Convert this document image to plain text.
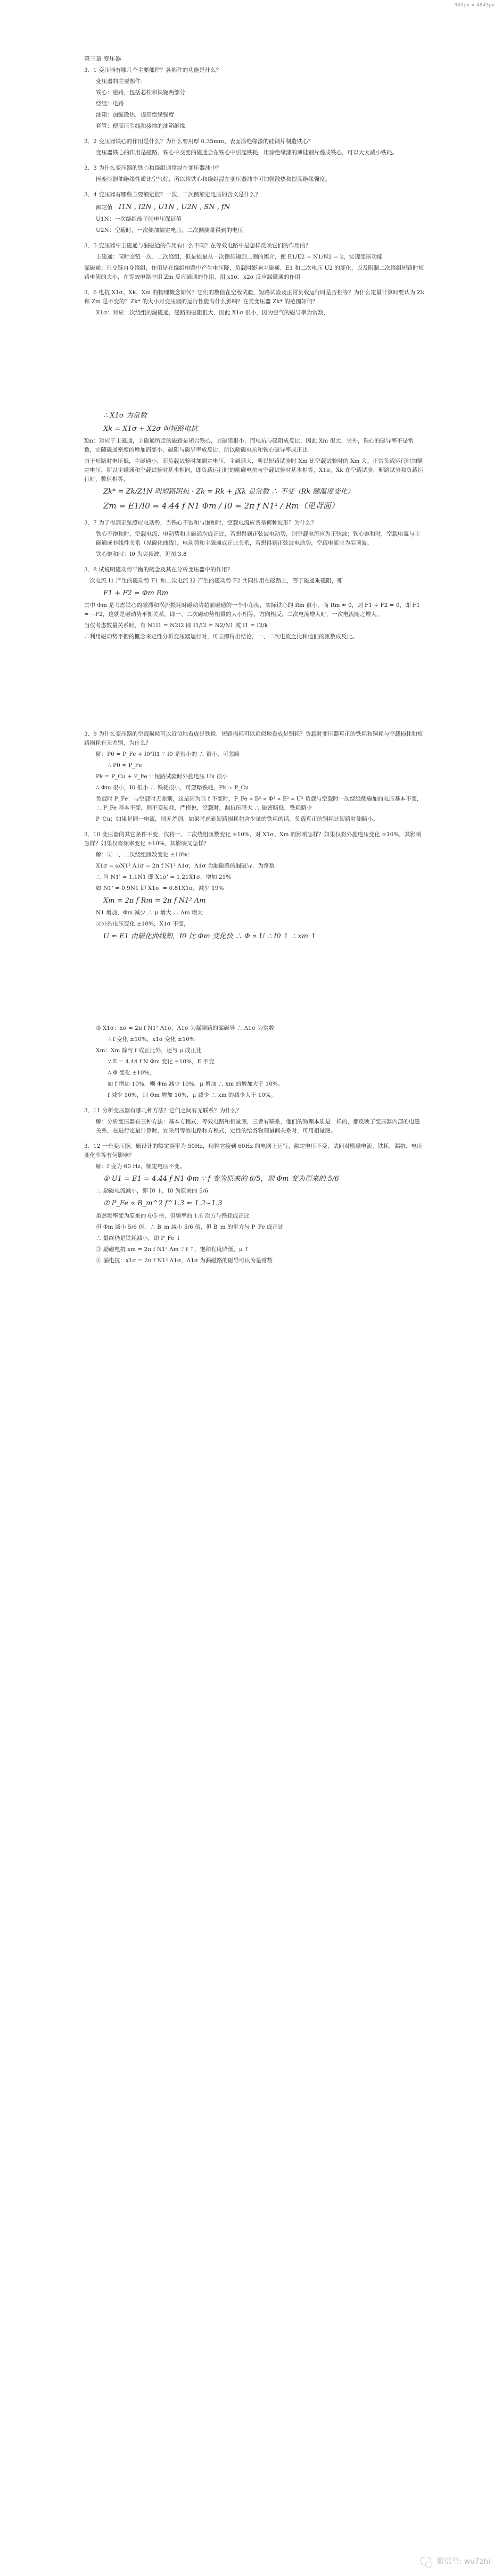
943px × 4843px

第三章 变压器

3．1 变压器有哪几个主要部件？各部件的功能是什么？

变压器的主要部件：

铁心：磁路，包括芯柱和铁轭两部分

绕组：电路

油箱：加强散热，提高绝缘强度

套管：使高压引线和接地的油箱绝缘

3．2 变压器铁心的作用是什么？为什么要用厚 0.35mm、表面涂绝缘漆的硅钢片制造铁心？

变压器铁心的作用是磁路。铁心中交变的磁通会在铁心中引起铁耗，用涂绝缘漆的薄硅钢片叠成铁心，可以大大减小铁耗。

3．3 为什么变压器的铁心和绕组通常浸在变压器油中？

因变压器油绝缘性质比空气好，所以将铁心和绕组浸在变压器油中可加强散热和提高绝缘强度。

3．4 变压器有哪些主要额定值？一次、二次侧额定电压的含义是什么？

额定值 I1N , I2N , U1N , U2N , SN , fN

U1N：一次绕组端子间电压保证值

U2N：空载时，一次侧加额定电压，二次侧测量得到的电压

3．5 变压器中主磁通与漏磁通的作用有什么不同？在等效电路中是怎样反映它们的作用的？

主磁通：同时交链一次、二次绕组，但是能量从一次侧传递到二侧的媒介，使 E1/E2 = N1/N2 = k，实现变压功能

漏磁通：只交链自身绕组，作用是在绕组电路中产生电压降，负载时影响主磁通、E1 和二次电压 U2 的变化，以及限制二次绕组短路时短路电流的大小，在等效电路中用 Zm 反应磁通的作用，用 x1σ、x2σ 反应漏磁通的作用

3．6 电抗 X1σ、Xk、Xm 的物理概念如何？它们的数值在空载试验、短路试验及正常负载运行时是否相等？为什么定量计算时要认为 Zk 和 Zm 是不变的？Zk* 的大小对变压器的运行性能有什么影响？在类变压器 Zk* 的范围如何？

X1σ：对应一次绕组的漏磁通，磁路的磁阻很大，因此 X1σ 很小，因为空气的磁导率为常数，

∴ X1σ 为常数

Xk = X1σ + X2σ 叫短路电抗

Xm：对应于主磁通，主磁通所走的磁路是闭合铁心，其磁阻很小，而电抗与磁阻成反比，因此 Xm 很大，另外，铁心的磁导率不是常数，它随磁通密度的增加而变小，磁阻与磁导率成反比，所以励磁电抗和铁心磁导率成正比

由于短路时电压低，主磁通小，而负载试验时加额定电压，主磁通大，所以短路试验时 Xm 比空载试验时的 Xm 大。正常负载运行时加额定电压，所以主磁通和空载试验时基本相同，即负载运行时的励磁电抗与空载试验时基本相等，X1σ，Xk 在空载试验，断路试验和负载运行时，数值相等，

Zk* = Zk/Z1N 叫短路阻抗 · Zk = Rk + jXk 是常数 ∴ 不变（Rk 随温度变化）

Zm = E1/I0 = 4.44 f N1 Φm / I0 = 2π f N1² / Rm（见背面）

3．7 为了得到正弦感应电动势，当铁心不饱和与饱和时，空载电流应各呈何种波形？为什么？

铁心不饱和时，空载电流、电动势和主磁通均成正比，若想得到正弦波电动势，则空载电流应为正弦波；铁心饱和时，空载电流与主磁通成非线性关系（见磁化曲线），电动势和主磁通成正比关系，若想得到正弦波电动势，空载电流应为尖顶波。

铁心饱和时：I0 为尖顶波，见图 3.8

3．8 试说明磁动势平衡的概念及其在分析变压器中的作用？

一次电流 I1 产生的磁动势 F1 和二次电流 I2 产生的磁动势 F2 共同作用在磁路上，等于磁通乘磁阻，即

F1 + F2 = Φm Rm

其中 Φm 是考虑铁心的磁滞和涡流损耗时磁动势超前磁通的一个小角度，实际铁心的 Rm 很小，而 Rm ≈ 0，则 F1 + F2 = 0，即 F1 = −F2，这就是磁动势平衡关系。即一、二次磁动势相量的大小相等，方向相反，二次电流增大时，一次电流随之增大。

当仅考虑数量关系时，有 N1I1 = N2I2 即 I1/I2 = N2/N1 或 I1 = I2/k

∴利用磁动势平衡的概念来定性分析变压器运行时，可立即得出结论，一、二次电流之比和他们的匝数成反比。

3．9 为什么变压器的空载损耗可以近似地看成是铁耗，短路损耗可以近似地看成是铜耗？负载时变压器真正的铁耗和铜耗与空载损耗和短路损耗有无差别，为什么？

解：P0 = P_Fe + I0²R1 ∵ I0 是很小的 ∴ 很小，可忽略

∴ P0 ≈ P_Fe

Pk = P_Cu + P_Fe ∵ 短路试验时外施电压 Uk 很小

∴ Φm 很小，I0 很小 ∴ 铁耗很小，可忽略铁耗，Pk ≈ P_Cu

负载时 P_Fe：与空载时无差别，这是因为当 f 不变时，P_Fe ∝ B² ∝ Φ² ∝ E² ∝ U² 负载与空载时一次绕组侧施加的电压基本不变，∴ P_Fe 基本不变，则不变损耗，严格说，空载时，漏抗压降大 ∴ 磁密略低，铁耗略少

P_Cu：如果是同一电流，则无差别，如果考虑到短路损耗包含少量的铁耗的话，负载真正的铜耗比短路时侧略小。

3．10 变压器的其它条件不变，仅将一、二次绕组匝数变化 ±10%，对 X1σ、Xm 的影响怎样？如果仅将外施电压变化 ±10%，其影响怎样？如果仅将频率变化 ±10%，其影响又怎样？

解：①一、二次绕组匝数变化 ±10%：

X1σ = ωN1² Λ1σ = 2π f N1² Λ1σ，Λ1σ 为漏磁路的漏磁导，为常数

∴ 当 N1' = 1.1N1 即 X1σ' = 1.21X1σ，增加 21%

如 N1' = 0.9N1 即 X1σ' = 0.81X1σ，减少 19%

Xm = 2π f Rm = 2π f N1² Λm

N1 增加，Φm 减少 ∴ μ 增大 ∴ Λm 增大

②外施电压变化 ±10%，X1σ 不变，

U ≈ E1 由磁化曲线知，I0 比 Φm 变化快 ∴ Φ ∝ U ∴ I0 ↑ ∴ xm ↑

③ X1σ：xσ = 2π f N1² Λ1σ，Λ1σ 为漏磁路的漏磁导 ∴ Λ1σ 为常数

∴ f 变化 ±10%，x1σ 变化 ±10%

Xm：Xm 除与 f 成正比外，还与 μ 成正比

∵ E = 4.44 f N Φm 变化 ±10%，E 不变

∴ Φ 变化 ±10%，

如 f 增加 10%，则 Φm 减少 10%，μ 增加 ∴ xm 的增加大于 10%。

f 减少 10%，则 Φm 增加 10%，μ 减少 ∴ xm 的减少大于 10%。

3．11 分析变压器有哪几种方法？它们之间有无联系？为什么？

解：分析变压器有三种方法：基本方程式，等效电路和相量图，三者有联系，他们的物理本质是一样的，都反映了变压器内部的电磁关系，在进行定量计算时，宜采用等效电路和方程式，定性的给各物理量间关系时，可用相量图。

3．12 一台变压器，原设计的额定频率为 50Hz，现将它接到 60Hz 的电网上运行，额定电压不变，试问对励磁电流、铁耗、漏抗、电压变化率等有何影响？

解：f 变为 60 Hz，额定电压不变。

① U1 = E1 = 4.44 f N1 Φm ∵ f 变为原来的 6/5，则 Φm 变为原来的 5/6

∴ 励磁电流减小，即 I0 ↓，I0 为原来的 5/6

② P_Fe ∝ B_m^2 f^1.3 ≈ 1.2~1.3

虽然频率变为原来的 6/5 倍，但频率的 1.6 次方与铁耗成正比

但 Φm 减小 5/6 倍，∴ B_m 减小 5/6 倍，但 B_m 的平方与 P_Fe 成正比

∴ 最终仍是铁耗减小，即 P_Fe ↓

③ 励磁电抗 xm = 2π f N1² Λm ∵ f ↑，饱和程度降低，μ ↑

④ 漏电抗：x1σ = 2π f N1² Λ1σ，Λ1σ 为漏磁路的磁导可认为是常数

微信号: wu7zhi
